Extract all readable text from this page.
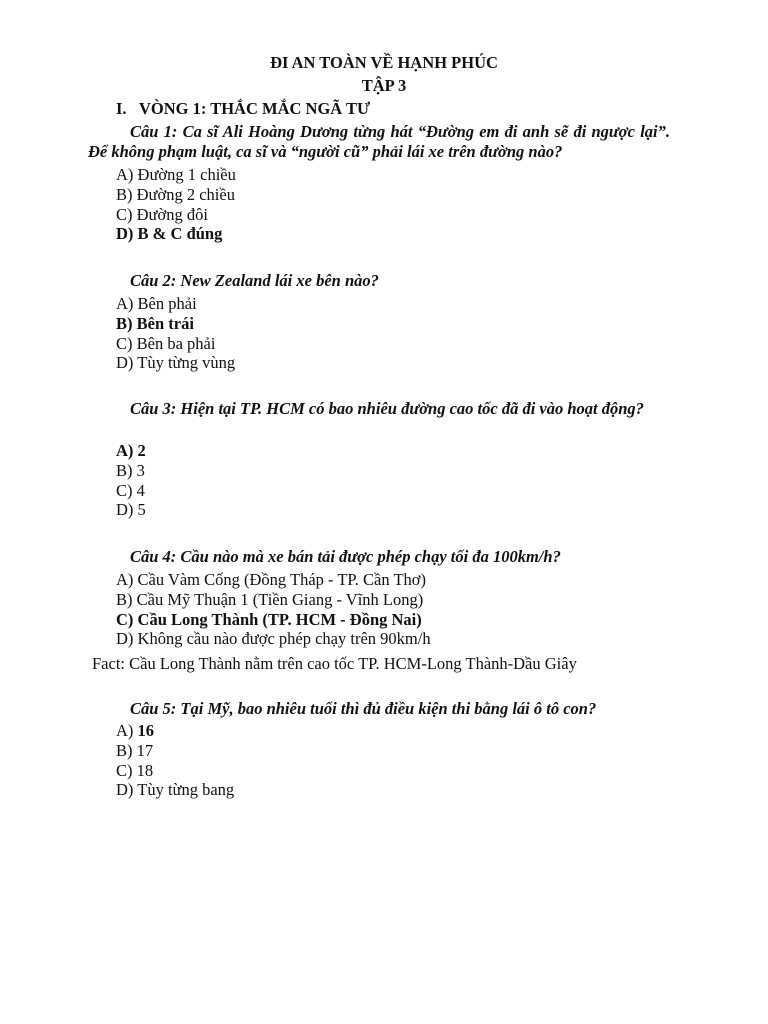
ĐI AN TOÀN VỀ HẠNH PHÚC
TẬP 3
I. VÒNG 1: THẮC MẮC NGÃ TƯ
Câu 1: Ca sĩ Ali Hoàng Dương từng hát “Đường em đi anh sẽ đi ngược lại”. Để không phạm luật, ca sĩ và “người cũ” phải lái xe trên đường nào?
A) Đường 1 chiều
B) Đường 2 chiều
C) Đường đôi
D) B & C đúng
Câu 2: New Zealand lái xe bên nào?
A) Bên phải
B) Bên trái
C) Bên ba phải
D) Tùy từng vùng
Câu 3: Hiện tại TP. HCM có bao nhiêu đường cao tốc đã đi vào hoạt động?
A) 2
B) 3
C) 4
D) 5
Câu 4: Cầu nào mà xe bán tải được phép chạy tối đa 100km/h?
A) Cầu Vàm Cống (Đồng Tháp - TP. Cần Thơ)
B) Cầu Mỹ Thuận 1 (Tiền Giang - Vĩnh Long)
C) Cầu Long Thành (TP. HCM - Đồng Nai)
D) Không cầu nào được phép chạy trên 90km/h
Fact: Cầu Long Thành nằm trên cao tốc TP. HCM-Long Thành-Dầu Giây
Câu 5: Tại Mỹ, bao nhiêu tuổi thì đủ điều kiện thi bằng lái ô tô con?
A) 16
B) 17
C) 18
D) Tùy từng bang
